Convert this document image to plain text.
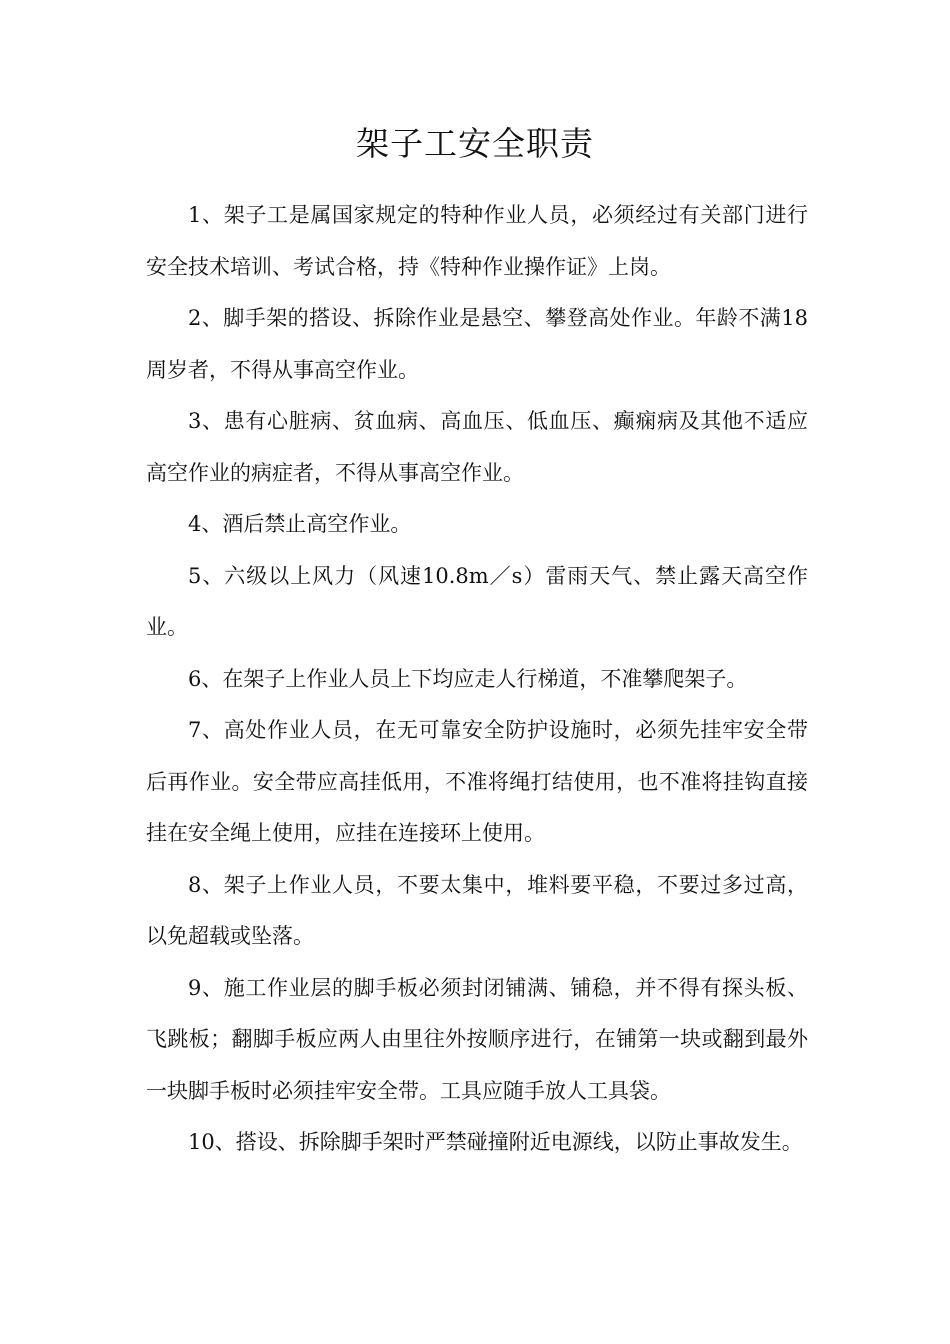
架子工安全职责

1、架子工是属国家规定的特种作业人员，必须经过有关部门进行安全技术培训、考试合格，持《特种作业操作证》上岗。

2、脚手架的搭设、拆除作业是悬空、攀登高处作业。年龄不满18周岁者，不得从事高空作业。

3、患有心脏病、贫血病、高血压、低血压、癫痫病及其他不适应高空作业的病症者，不得从事高空作业。

4、酒后禁止高空作业。

5、六级以上风力（风速10.8m／s）雷雨天气、禁止露天高空作业。

6、在架子上作业人员上下均应走人行梯道，不准攀爬架子。

7、高处作业人员，在无可靠安全防护设施时，必须先挂牢安全带后再作业。安全带应高挂低用，不准将绳打结使用，也不准将挂钩直接挂在安全绳上使用，应挂在连接环上使用。

8、架子上作业人员，不要太集中，堆料要平稳，不要过多过高，以免超载或坠落。

9、施工作业层的脚手板必须封闭铺满、铺稳，并不得有探头板、飞跳板；翻脚手板应两人由里往外按顺序进行，在铺第一块或翻到最外一块脚手板时必须挂牢安全带。工具应随手放人工具袋。

10、搭设、拆除脚手架时严禁碰撞附近电源线，以防止事故发生。
